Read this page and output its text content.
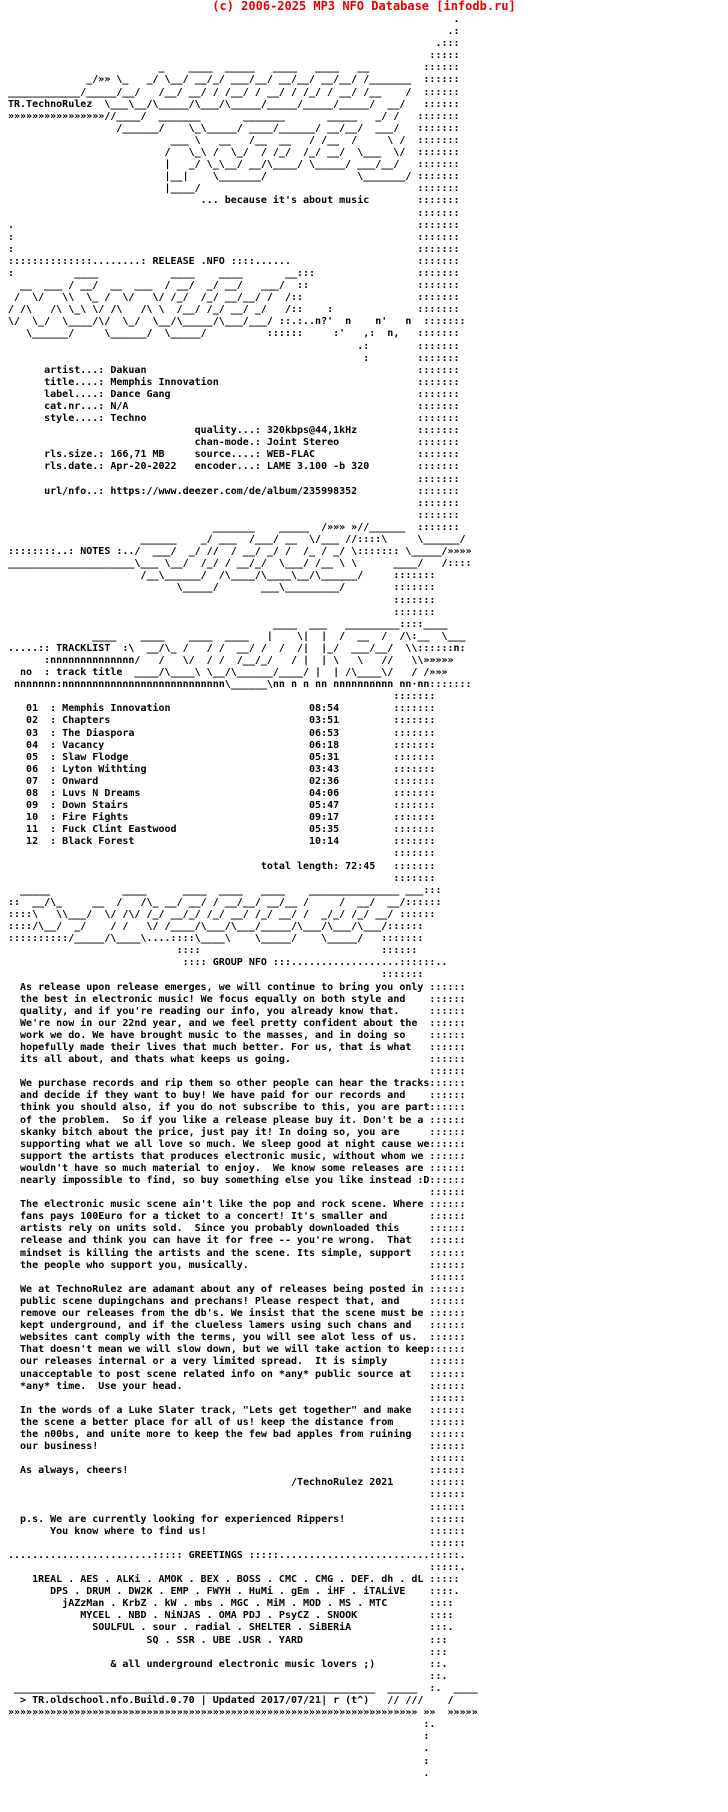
(c) 2006-2025 MP3 NFO Database [infodb.ru]
.
.:
.:::
:::::
_    ____  _____   ____   ____   __         ::::::
_/»» \_   _/ \__/ __/_/ ___/__/ __/__/ __/__/ /_______  ::::::
____________/_____/__/   /__/ __/ / /__/ / __/ / /_/ / __/ /__    /  ::::::
TR.TechnoRulez  \___\__/\_____/\___/\_____/_____/_____/_____/  __/   ::::::
»»»»»»»»»»»»»»»»//____/  _______       _______       _____   _/ /   :::::::
/______/    \_\_____/ ____/______/ __/__/  ___/   :::::::
___ \   __   /__  __   / /__  /     \ /  :::::::
/   \_\ /  \_/  / /_/  /_/ __/  \___  \/  :::::::
|   _/ \_\__/ __/\____/ \_____/ ___/__/   :::::::
|__|    \_______/               \_______/ :::::::
|____/                                    :::::::
... because it's about music        :::::::
:::::::
.                                                                   :::::::
:                                                                   :::::::
:                                                                   :::::::
::::::::::::::........: RELEASE .NFO ::::......                     :::::::
:          ____            ____    ____       __:::                 :::::::
__  ___ / __/  __  ___  / __/  _/ __/   ___/  ::                  :::::::
/  \/   \\  \_ /  \/   \/ /_/  /_/ __/__/ /  /::                   :::::::
/ /\   /\ \_\ \/ /\   /\ \  /__/ /_/ __/ _/   /::    :              :::::::
\/  \_/  \____/\/  \_/  \__/\_____/\___/___/ ::.:..n?'  n    n'   n  :::::::
\______/     \______/  \_____/          ::::::     :'   ,:  n,   :::::::
.:        :::::::
:        :::::::
artist...: Dakuan                                             :::::::
title....: Memphis Innovation                                 :::::::
label....: Dance Gang                                         :::::::
cat.nr...: N/A                                                :::::::
style....: Techno                                             :::::::
quality...: 320kbps@44,1kHz          :::::::
chan-mode.: Joint Stereo             :::::::
rls.size.: 166,71 MB     source....: WEB-FLAC                 :::::::
rls.date.: Apr-20-2022   encoder...: LAME 3.100 -b 320        :::::::
:::::::
url/nfo..: https://www.deezer.com/de/album/235998352          :::::::
:::::::
:::::::
_______    _____  /»»» »//______  :::::::
______    _/ ___  /___/ __  \/___ //::::\     \______/
::::::::..: NOTES :../  ___/  _/ //  / __/ _/ /  /_ / _/ \::::::: \_____/»»»»
_____________________\___ \__/  /_/ / __/_/  \___/ /__ \ \      ____/   /::::
/__\______/  /\____/\____\__/\______/     :::::::
\_____/       ___\_________/        :::::::
:::::::
:::::::
____  ___   _________::::____
____    ____    ____  ____   |    \|  |  /  __  /  /\:__  \___
.....:: TRACKLIST  :\  __/\_ /   / /  __/ /  /  /|  |_/  ___/__/  \\::::::n:
:nnnnnnnnnnnnnn/   /   \/  / /  /__/_/   / |  | \   \   //   \\»»»»»
no  : track title  ____/\____\ \__/\______/____/ |  | /\____\/   / /»»»
nnnnnnn:nnnnnnnnnnnnnnnnnnnnnnnnnnn\______\nn n n nn nnnnnnnnnn nn·nn:::::::
:::::::
01  : Memphis Innovation                       08:54         :::::::
02  : Chapters                                 03:51         :::::::
03  : The Diaspora                             06:53         :::::::
04  : Vacancy                                  06:18         :::::::
05  : Slaw Flodge                              05:31         :::::::
06  : Lyton Withting                           03:43         :::::::
07  : Onward                                   02:36         :::::::
08  : Luvs N Dreams                            04:06         :::::::
09  : Down Stairs                              05:47         :::::::
10  : Fire Fights                              09:17         :::::::
11  : Fuck Clint Eastwood                      05:35         :::::::
12  : Black Forest                             10:14         :::::::
:::::::
total length: 72:45   :::::::
:::::::
_____            ____      ____  ____   ____    _______________ ___:::
::  __/\_     __  /   /\_ __/ __/ / __/__/ __/__ /     /  __/  __/::::::
::::\   \\___/  \/ /\/ /_/ __/_/ /_/ __/ /_/ __/ /  _/_/ /_/ __/ ::::::
::::/\__/  _/    / /   \/ /____/\___/\___/_____/\___/\___/\___/::::::
::::::::::/_____/\____\....::::\____\    \_____/    \_____/   :::::::
::::                              ::::::
:::: GROUP NFO :::..................::::::..
:::::::
As release upon release emerges, we will continue to bring you only ::::::
the best in electronic music! We focus equally on both style and    ::::::
quality, and if you're reading our info, you already know that.     ::::::
We're now in our 22nd year, and we feel pretty confident about the  ::::::
work we do. We have brought music to the masses, and in doing so    ::::::
hopefully made their lives that much better. For us, that is what   ::::::
its all about, and thats what keeps us going.                       ::::::
::::::
We purchase records and rip them so other people can hear the tracks::::::
and decide if they want to buy! We have paid for our records and    ::::::
think you should also, if you do not subscribe to this, you are part::::::
of the problem.  So if you like a release please buy it. Don't be a ::::::
skanky bitch about the price, just pay it! In doing so, you are     ::::::
supporting what we all love so much. We sleep good at night cause we::::::
support the artists that produces electronic music, without whom we ::::::
wouldn't have so much material to enjoy.  We know some releases are ::::::
nearly impossible to find, so buy something else you like instead :D::::::
::::::
The electronic music scene ain't like the pop and rock scene. Where ::::::
fans pays 100Euro for a ticket to a concert! It's smaller and       ::::::
artists rely on units sold.  Since you probably downloaded this     ::::::
release and think you can have it for free -- you're wrong.  That   ::::::
mindset is killing the artists and the scene. Its simple, support   ::::::
the people who support you, musically.                              ::::::
::::::
We at TechnoRulez are adamant about any of releases being posted in ::::::
public scene dupingchans and prechans! Please respect that, and     ::::::
remove our releases from the db's. We insist that the scene must be ::::::
kept underground, and if the clueless lamers using such chans and   ::::::
websites cant comply with the terms, you will see alot less of us.  ::::::
That doesn't mean we will slow down, but we will take action to keep::::::
our releases internal or a very limited spread.  It is simply       ::::::
unacceptable to post scene related info on *any* public source at   ::::::
*any* time.  Use your head.                                         ::::::
::::::
In the words of a Luke Slater track, "Lets get together" and make   ::::::
the scene a better place for all of us! keep the distance from      ::::::
the n00bs, and unite more to keep the few bad apples from ruining   ::::::
our business!                                                       ::::::
::::::
As always, cheers!                                                  ::::::
/TechnoRulez 2021      ::::::
::::::
::::::
p.s. We are currently looking for experienced Rippers!              ::::::
You know where to find us!                                     ::::::
::::::
........................::::: GREETINGS :::::.........................:::::.
:::::.
1REAL . AES . ALKi . AMOK . BEX . BOSS . CMC . CMG . DEF. dh . dL :::::
DPS . DRUM . DW2K . EMP . FWYH . HuMi . gEm . iHF . iTALiVE    ::::.
jAZzMan . KrbZ . kW . mbs . MGC . MiM . MOD . MS . MTC       ::::
MYCEL . NBD . NiNJAS . OMA PDJ . PsyCZ . SNOOK            ::::
SOULFUL . sour . radial . SHELTER . SiBERiA             :::.
SQ . SSR . UBE .USR . YARD                     :::
:::
& all underground electronic music lovers ;)         ::.
::.
____________________________________________________________  _____  :.  ____
> TR.oldschool.nfo.Build.0.70 | Updated 2017/07/21| r (t^)   // ///    /
»»»»»»»»»»»»»»»»»»»»»»»»»»»»»»»»»»»»»»»»»»»»»»»»»»»»»»»»»»»»»»»»»»»» »»  »»»»»
:.
:
.
:
.
